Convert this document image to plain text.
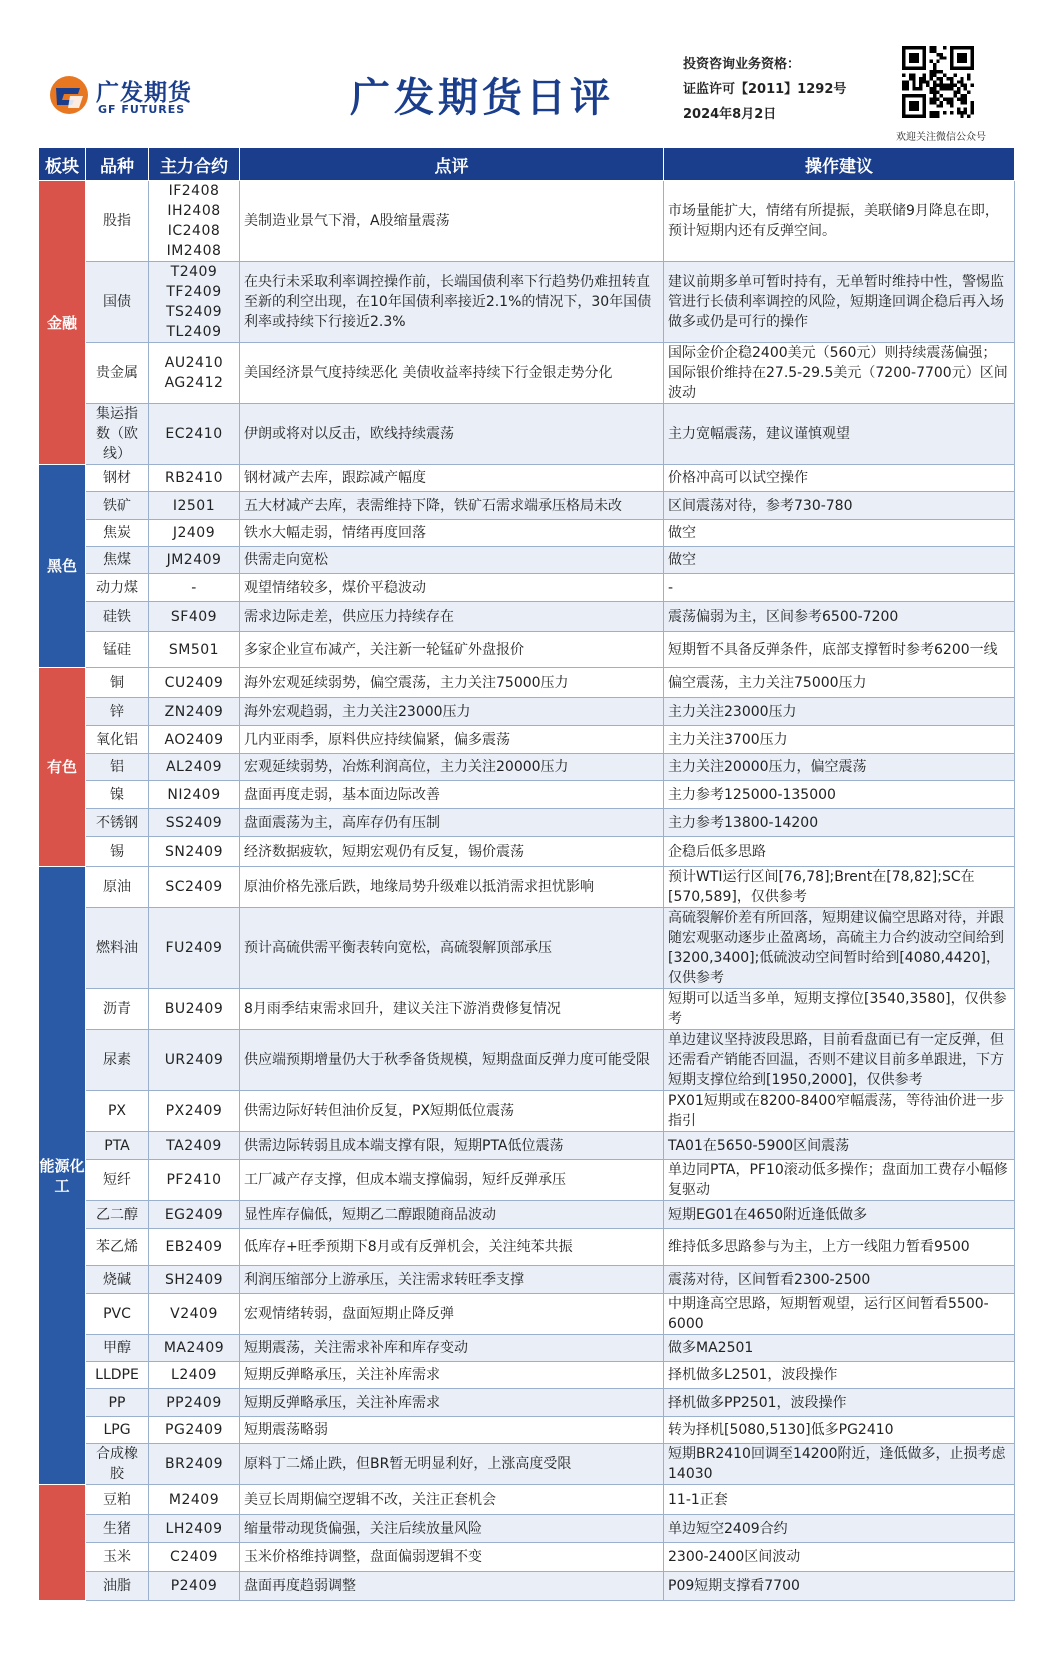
广发期货
GF FUTURES	广发期货日评
投资咨询业务资格：
证监许可【2011】1292号
2024年8月2日
欢迎关注微信公众号
板块	品种	主力合约	点评	操作建议
金融	股指	IF2408
IH2408
IC2408
IM2408	美制造业景气下滑，A股缩量震荡	市场量能扩大，情绪有所提振，美联储9月降息在即，预计短期内还有反弹空间。
	国债	T2409
TF2409
TS2409
TL2409	在央行未采取利率调控操作前，长端国债利率下行趋势仍难扭转直至新的利空出现，在10年国债利率接近2.1%的情况下，30年国债利率或持续下行接近2.3%	建议前期多单可暂时持有，无单暂时维持中性，警惕监管进行长债利率调控的风险，短期逢回调企稳后再入场做多或仍是可行的操作
	贵金属	AU2410
AG2412	美国经济景气度持续恶化 美债收益率持续下行金银走势分化	国际金价企稳2400美元（560元）则持续震荡偏强；国际银价维持在27.5-29.5美元（7200-7700元）区间波动
	集运指数（欧线）	EC2410	伊朗或将对以反击，欧线持续震荡	主力宽幅震荡，建议谨慎观望
黑色	钢材	RB2410	钢材减产去库，跟踪减产幅度	价格冲高可以试空操作
	铁矿	I2501	五大材减产去库，表需维持下降，铁矿石需求端承压格局未改	区间震荡对待，参考730-780
	焦炭	J2409	铁水大幅走弱，情绪再度回落	做空
	焦煤	JM2409	供需走向宽松	做空
	动力煤	-	观望情绪较多，煤价平稳波动	-
	硅铁	SF409	需求边际走差，供应压力持续存在	震荡偏弱为主，区间参考6500-7200
	锰硅	SM501	多家企业宣布减产，关注新一轮锰矿外盘报价	短期暂不具备反弹条件，底部支撑暂时参考6200一线
有色	铜	CU2409	海外宏观延续弱势，偏空震荡，主力关注75000压力	偏空震荡，主力关注75000压力
	锌	ZN2409	海外宏观趋弱，主力关注23000压力	主力关注23000压力
	氧化铝	AO2409	几内亚雨季，原料供应持续偏紧，偏多震荡	主力关注3700压力
	铝	AL2409	宏观延续弱势，冶炼利润高位，主力关注20000压力	主力关注20000压力，偏空震荡
	镍	NI2409	盘面再度走弱，基本面边际改善	主力参考125000-135000
	不锈钢	SS2409	盘面震荡为主，高库存仍有压制	主力参考13800-14200
	锡	SN2409	经济数据疲软，短期宏观仍有反复，锡价震荡	企稳后低多思路
能源化工	原油	SC2409	原油价格先涨后跌，地缘局势升级难以抵消需求担忧影响	预计WTI运行区间[76,78];Brent在[78,82];SC在[570,589]，仅供参考
	燃料油	FU2409	预计高硫供需平衡表转向宽松，高硫裂解顶部承压	高硫裂解价差有所回落，短期建议偏空思路对待，并跟随宏观驱动逐步止盈离场，高硫主力合约波动空间给到[3200,3400];低硫波动空间暂时给到[4080,4420]，仅供参考
	沥青	BU2409	8月雨季结束需求回升，建议关注下游消费修复情况	短期可以适当多单，短期支撑位[3540,3580]，仅供参考
	尿素	UR2409	供应端预期增量仍大于秋季备货规模，短期盘面反弹力度可能受限	单边建议坚持波段思路，目前看盘面已有一定反弹，但还需看产销能否回温，否则不建议目前多单跟进，下方短期支撑位给到[1950,2000]，仅供参考
	PX	PX2409	供需边际好转但油价反复，PX短期低位震荡	PX01短期或在8200-8400窄幅震荡，等待油价进一步指引
	PTA	TA2409	供需边际转弱且成本端支撑有限，短期PTA低位震荡	TA01在5650-5900区间震荡
	短纤	PF2410	工厂减产存支撑，但成本端支撑偏弱，短纤反弹承压	单边同PTA，PF10滚动低多操作；盘面加工费存小幅修复驱动
	乙二醇	EG2409	显性库存偏低，短期乙二醇跟随商品波动	短期EG01在4650附近逢低做多
	苯乙烯	EB2409	低库存+旺季预期下8月或有反弹机会，关注纯苯共振	维持低多思路参与为主，上方一线阻力暂看9500
	烧碱	SH2409	利润压缩部分上游承压，关注需求转旺季支撑	震荡对待，区间暂看2300-2500
	PVC	V2409	宏观情绪转弱，盘面短期止降反弹	中期逢高空思路，短期暂观望，运行区间暂看5500-6000
	甲醇	MA2409	短期震荡，关注需求补库和库存变动	做多MA2501
	LLDPE	L2409	短期反弹略承压，关注补库需求	择机做多L2501，波段操作
	PP	PP2409	短期反弹略承压，关注补库需求	择机做多PP2501，波段操作
	LPG	PG2409	短期震荡略弱	转为择机[5080,5130]低多PG2410
	合成橡胶	BR2409	原料丁二烯止跌，但BR暂无明显利好，上涨高度受限	短期BR2410回调至14200附近，逢低做多，止损考虑14030
	豆粕	M2409	美豆长周期偏空逻辑不改，关注正套机会	11-1正套
	生猪	LH2409	缩量带动现货偏强，关注后续放量风险	单边短空2409合约
	玉米	C2409	玉米价格维持调整，盘面偏弱逻辑不变	2300-2400区间波动
	油脂	P2409	盘面再度趋弱调整	P09短期支撑看7700
